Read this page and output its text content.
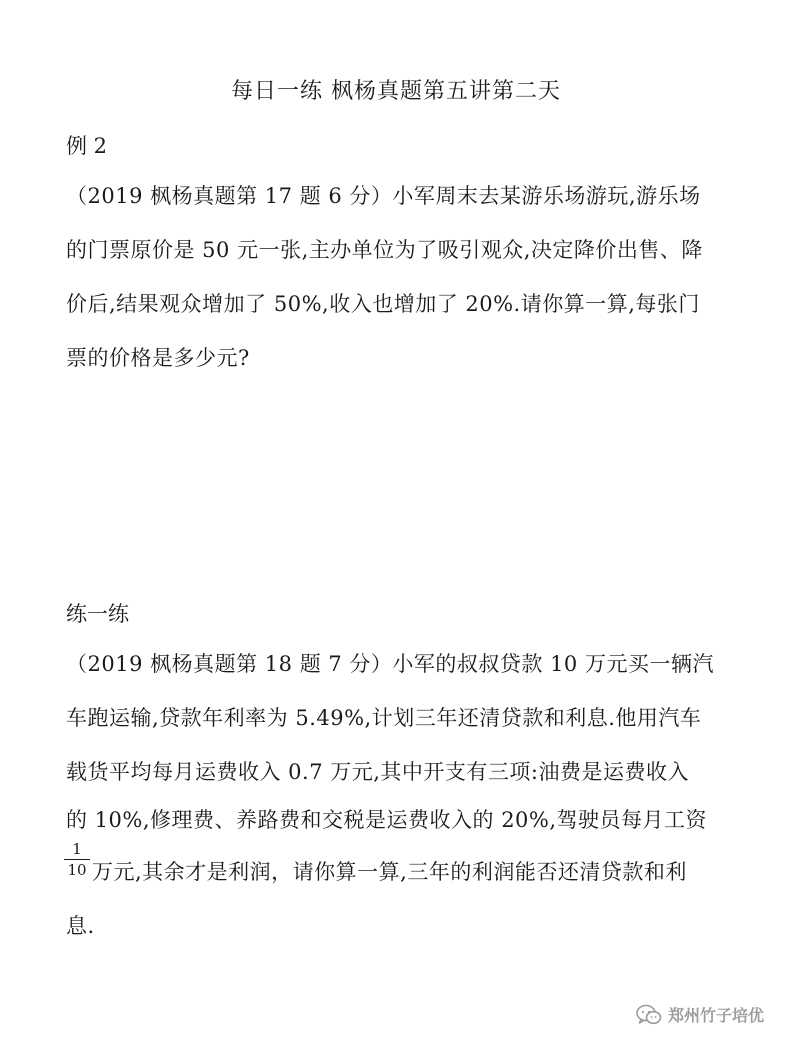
每日一练 枫杨真题第五讲第二天
例 2
（2019 枫杨真题第 17 题 6 分）小军周末去某游乐场游玩,游乐场
的门票原价是 50 元一张,主办单位为了吸引观众,决定降价出售、降
价后,结果观众增加了 50%,收入也增加了 20%.请你算一算,每张门
票的价格是多少元?
练一练
（2019 枫杨真题第 18 题 7 分）小军的叔叔贷款 10 万元买一辆汽
车跑运输,贷款年利率为 5.49%,计划三年还清贷款和利息.他用汽车
载货平均每月运费收入 0.7 万元,其中开支有三项:油费是运费收入
的 10%,修理费、养路费和交税是运费收入的 20%,驾驶员每月工资
1
10 万元,其余才是利润，请你算一算,三年的利润能否还清贷款和利
息.
郑州竹子培优
